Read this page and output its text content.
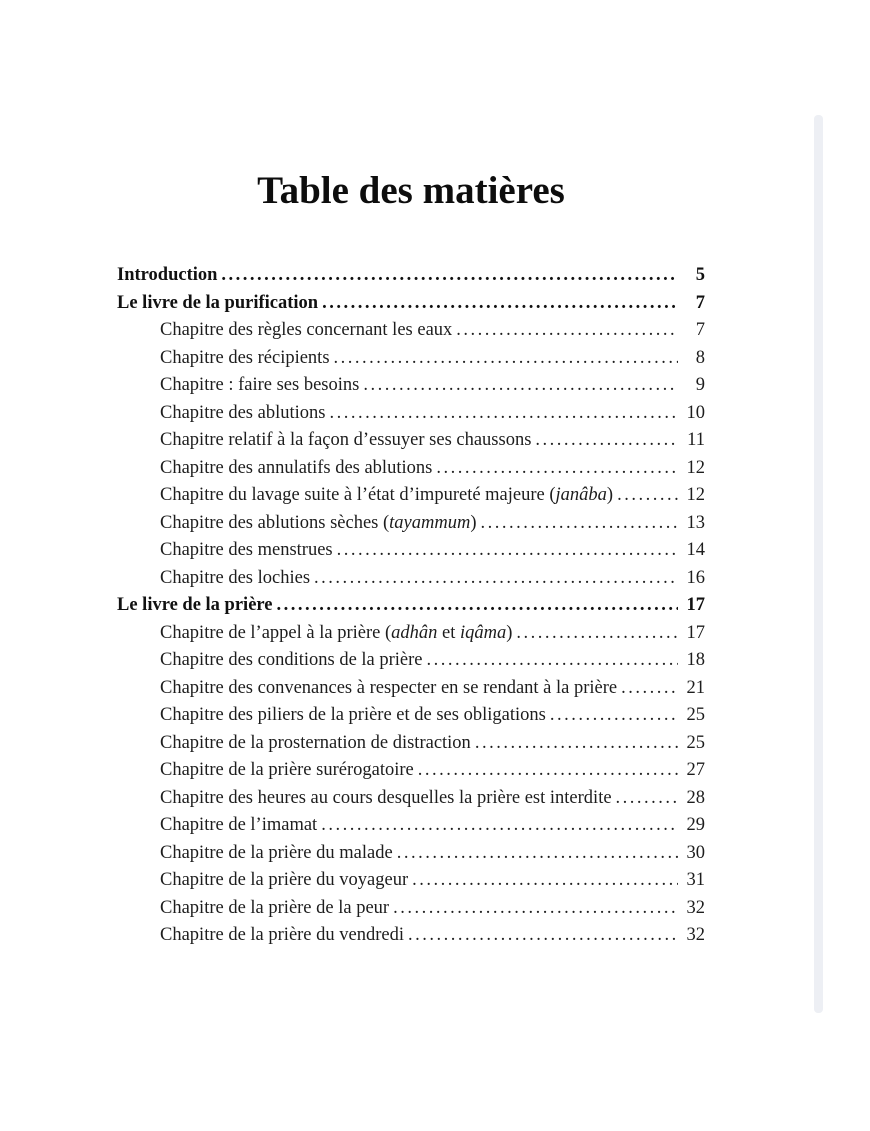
Table des matières
Introduction .....	5
Le livre de la purification .....	7
Chapitre des règles concernant les eaux .....	7
Chapitre des récipients .....	8
Chapitre : faire ses besoins .....	9
Chapitre des ablutions .....	10
Chapitre relatif à la façon d’essuyer ses chaussons .....	11
Chapitre des annulatifs des ablutions .....	12
Chapitre du lavage suite à l’état d’impureté majeure (janâba) .....	12
Chapitre des ablutions sèches (tayammum) .....	13
Chapitre des menstrues .....	14
Chapitre des lochies .....	16
Le livre de la prière .....	17
Chapitre de l’appel à la prière (adhân et iqâma) .....	17
Chapitre des conditions de la prière .....	18
Chapitre des convenances à respecter en se rendant à la prière .....	21
Chapitre des piliers de la prière et de ses obligations .....	25
Chapitre de la prosternation de distraction .....	25
Chapitre de la prière surérogatoire .....	27
Chapitre des heures au cours desquelles la prière est interdite .....	28
Chapitre de l’imamat .....	29
Chapitre de la prière du malade .....	30
Chapitre de la prière du voyageur .....	31
Chapitre de la prière de la peur .....	32
Chapitre de la prière du vendredi .....	32
